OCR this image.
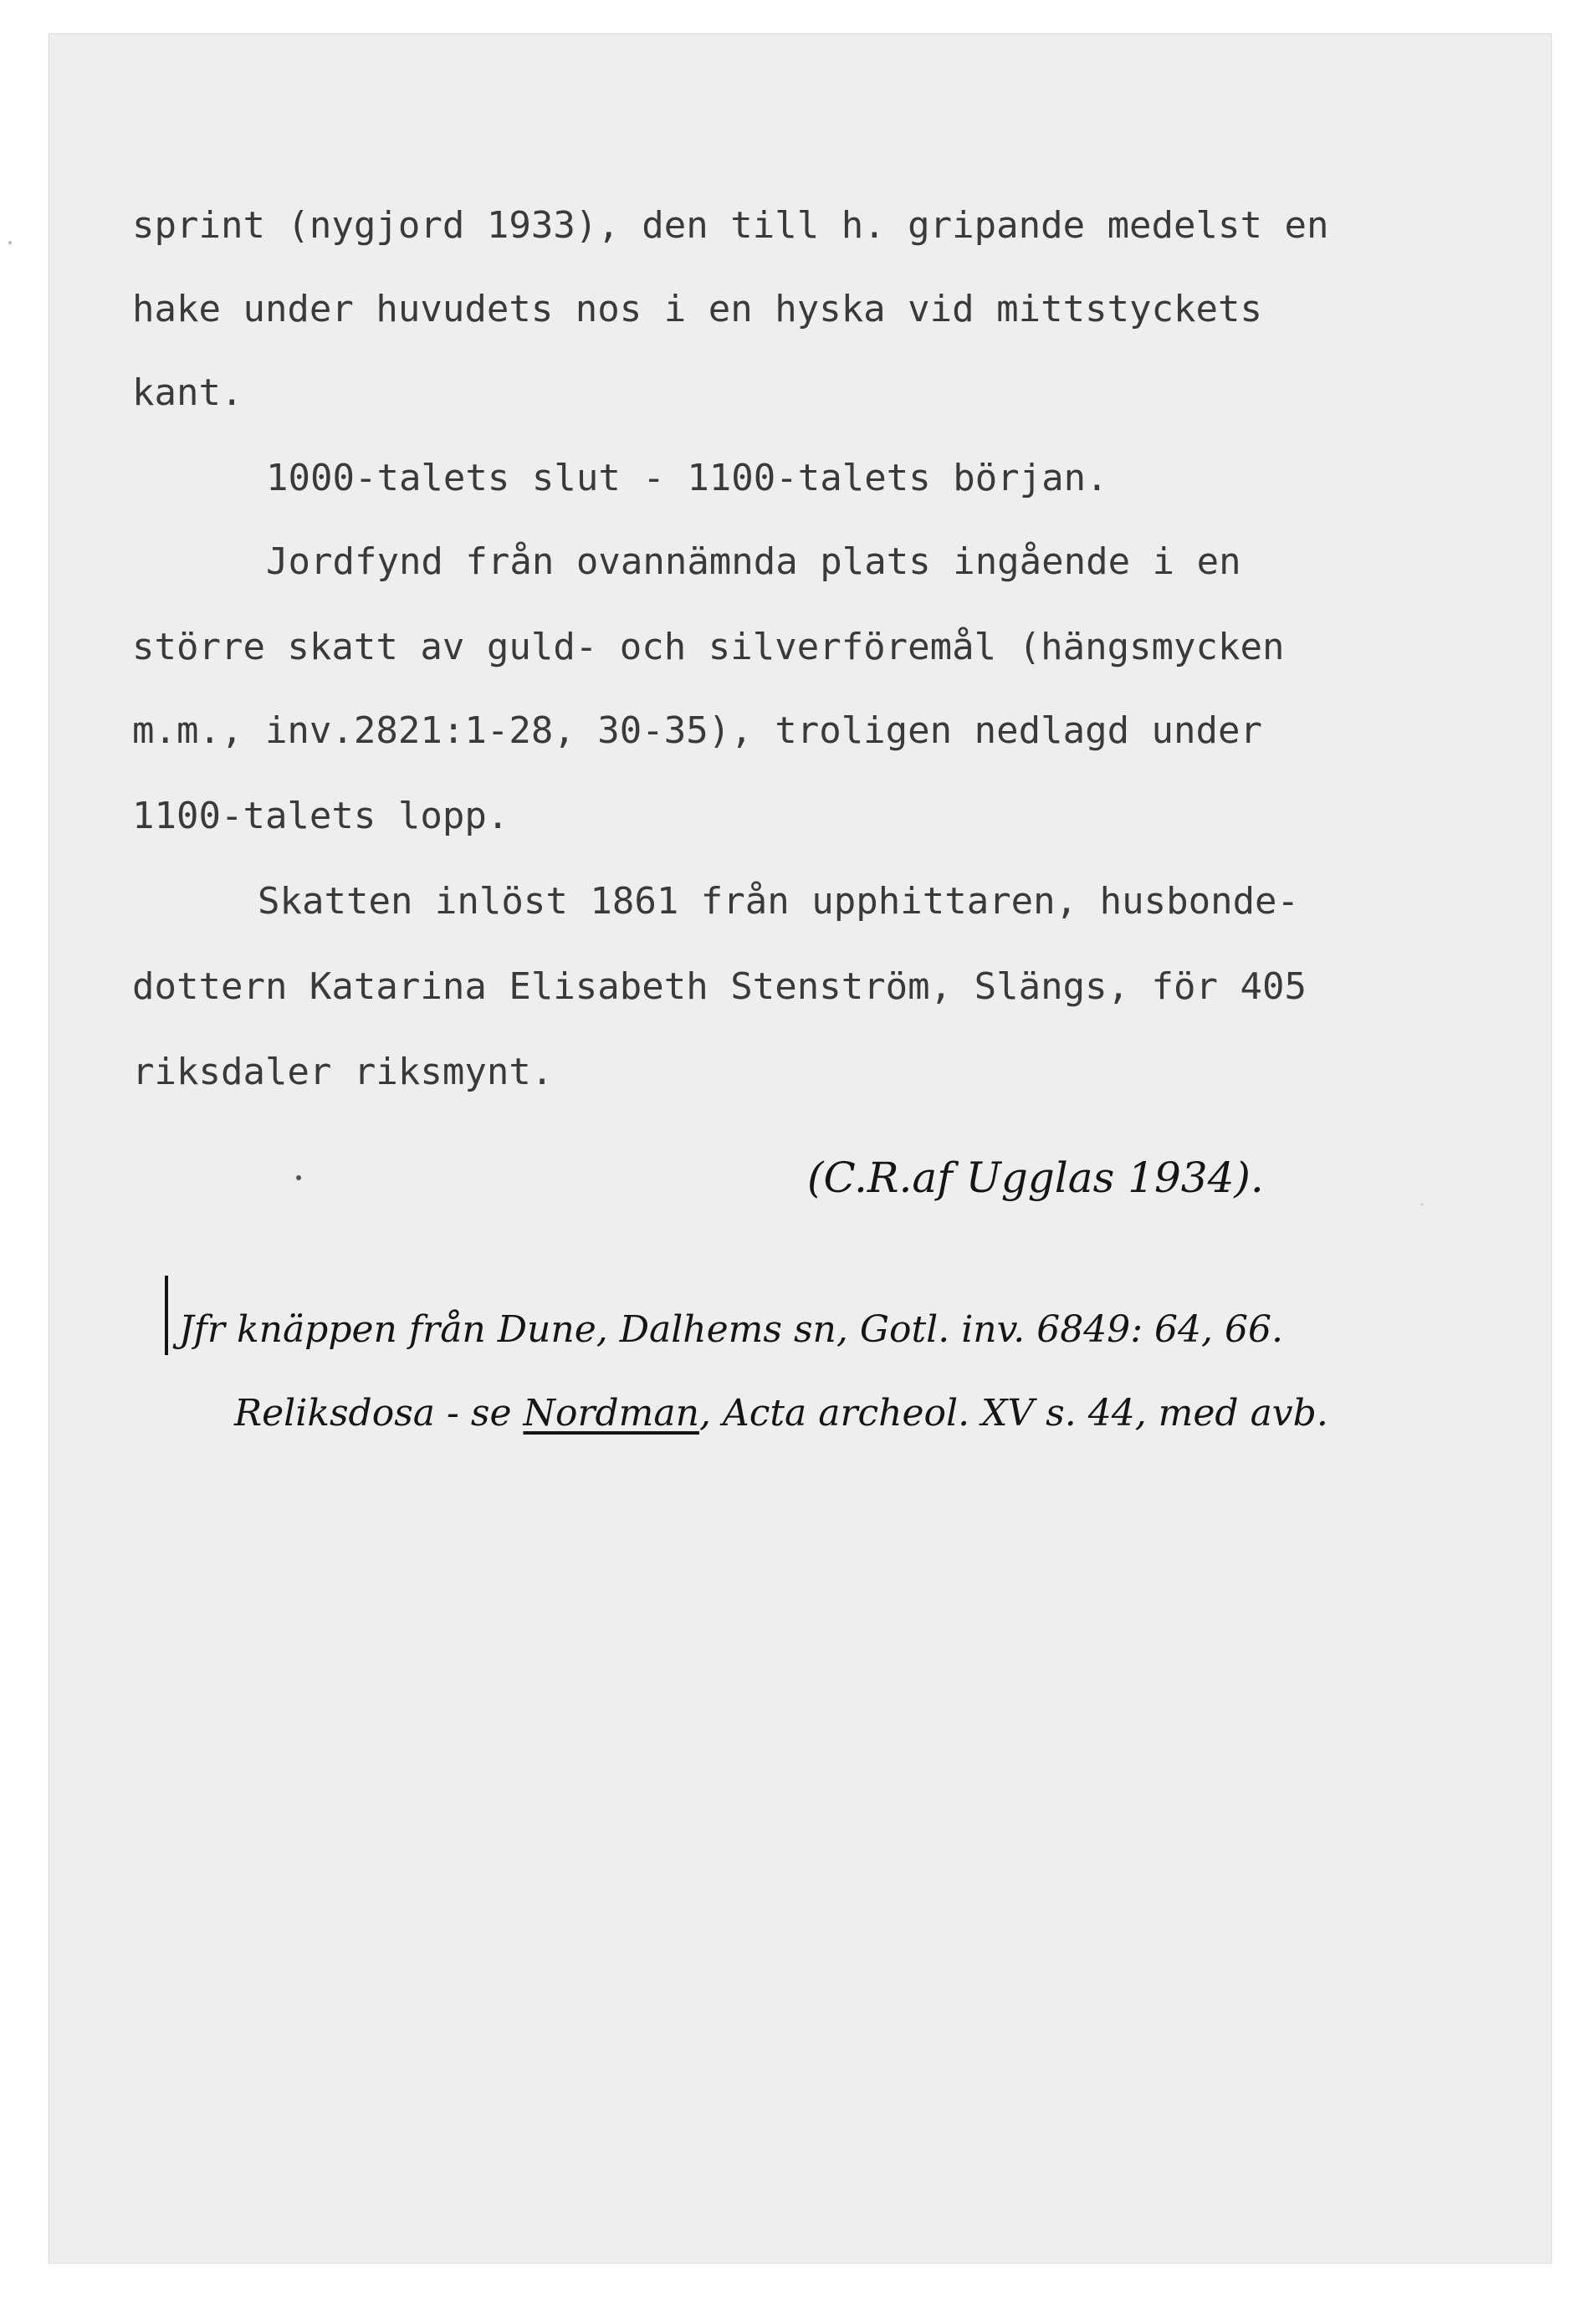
sprint (nygjord 1933), den till h. gripande medelst en
hake under huvudets nos i en hyska vid mittstyckets
kant.
1000-talets slut - 1100-talets början.
Jordfynd från ovannämnda plats ingående i en
större skatt av guld- och silverföremål (hängsmycken
m.m., inv.2821:1-28, 30-35), troligen nedlagd under
1100-talets lopp.
Skatten inlöst 1861 från upphittaren, husbonde-
dottern Katarina Elisabeth Stenström, Slängs, för 405
riksdaler riksmynt.
(C.R.af Ugglas 1934).
Jfr knäppen från Dune, Dalhems sn, Gotl. inv. 6849: 64, 66.
Reliksdosa - se Nordman, Acta archeol. XV s. 44, med avb.
